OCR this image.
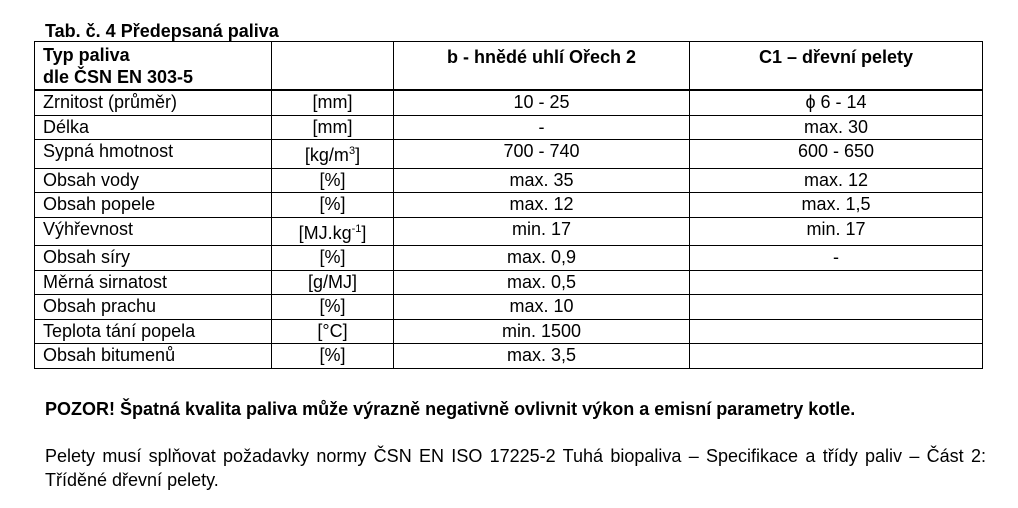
Tab. č. 4 Předepsaná paliva
Typ paliva
dle ČSN EN 303-5		b - hnědé uhlí Ořech 2	C1 – dřevní pelety
Zrnitost (průměr)	[mm]	10 - 25	ϕ 6 - 14
Délka	[mm]	-	max. 30
Sypná hmotnost	$[kg/m^3]$	700 - 740	600 - 650
Obsah vody	[%]	max. 35	max. 12
Obsah popele	[%]	max. 12	max. 1,5
Výhřevnost	$[MJ.kg^{-1}]$	min. 17	min. 17
Obsah síry	[%]	max. 0,9	-
Měrná sirnatost	[g/MJ]	max. 0,5	
Obsah prachu	[%]	max. 10	
Teplota tání popela	[°C]	min. 1500	
Obsah bitumenů	[%]	max. 3,5	
POZOR! Špatná kvalita paliva může výrazně negativně ovlivnit výkon a emisní parametry kotle.
Pelety musí splňovat požadavky normy ČSN EN ISO 17225-2 Tuhá biopaliva – Specifikace a třídy paliv – Část 2: Tříděné dřevní pelety.
